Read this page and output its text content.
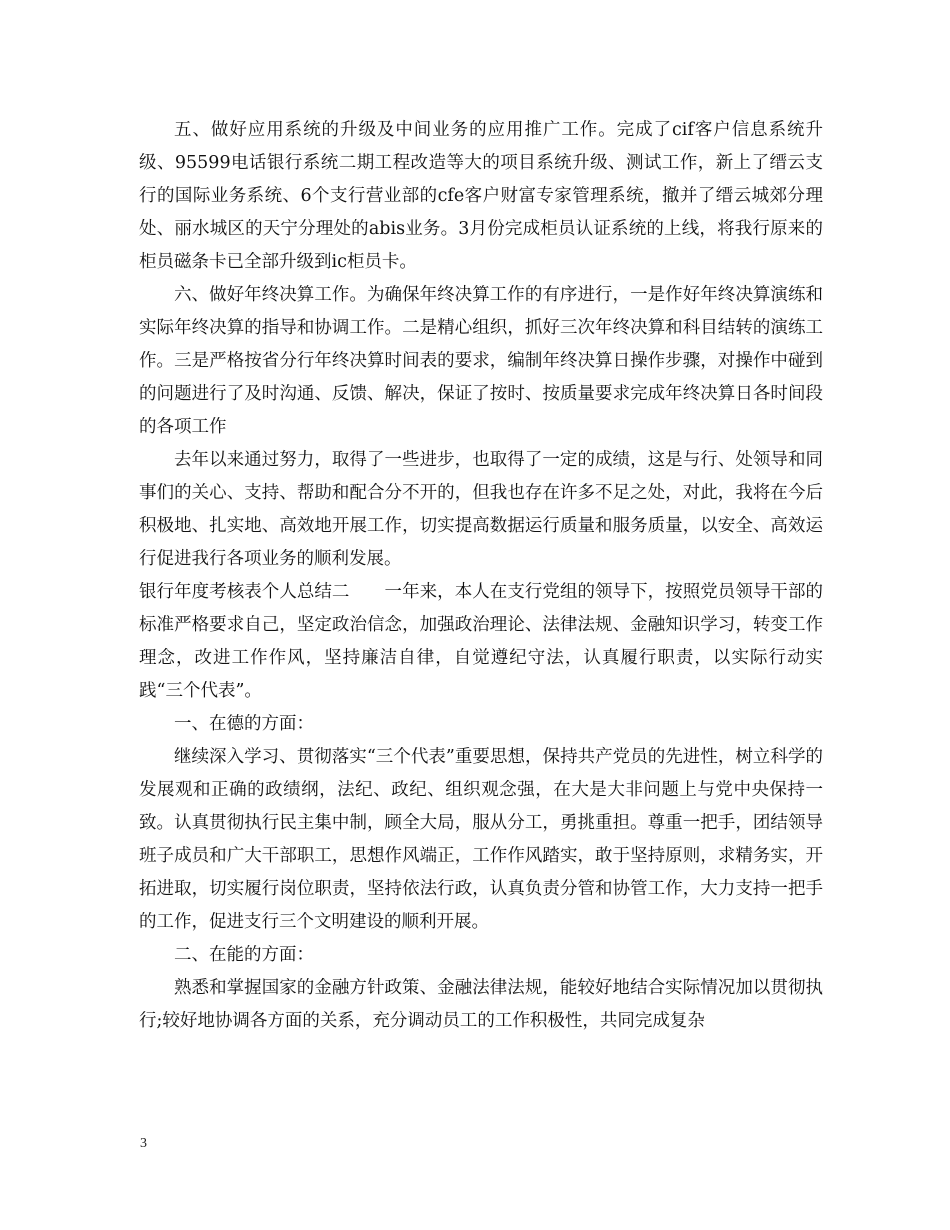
五、做好应用系统的升级及中间业务的应用推广工作。完成了cif客户信息系统升级、95599电话银行系统二期工程改造等大的项目系统升级、测试工作，新上了缙云支行的国际业务系统、6个支行营业部的cfe客户财富专家管理系统，撤并了缙云城郊分理处、丽水城区的天宁分理处的abis业务。3月份完成柜员认证系统的上线，将我行原来的柜员磁条卡已全部升级到ic柜员卡。

六、做好年终决算工作。为确保年终决算工作的有序进行，一是作好年终决算演练和实际年终决算的指导和协调工作。二是精心组织，抓好三次年终决算和科目结转的演练工作。三是严格按省分行年终决算时间表的要求，编制年终决算日操作步骤，对操作中碰到的问题进行了及时沟通、反馈、解决，保证了按时、按质量要求完成年终决算日各时间段的各项工作

去年以来通过努力，取得了一些进步，也取得了一定的成绩，这是与行、处领导和同事们的关心、支持、帮助和配合分不开的，但我也存在许多不足之处，对此，我将在今后积极地、扎实地、高效地开展工作，切实提高数据运行质量和服务质量，以安全、高效运行促进我行各项业务的顺利发展。

银行年度考核表个人总结二　　一年来，本人在支行党组的领导下，按照党员领导干部的标准严格要求自己，坚定政治信念，加强政治理论、法律法规、金融知识学习，转变工作理念，改进工作作风，坚持廉洁自律，自觉遵纪守法，认真履行职责，以实际行动实践“三个代表”。

一、在德的方面：

继续深入学习、贯彻落实“三个代表”重要思想，保持共产党员的先进性，树立科学的发展观和正确的政绩纲，法纪、政纪、组织观念强，在大是大非问题上与党中央保持一致。认真贯彻执行民主集中制，顾全大局，服从分工，勇挑重担。尊重一把手，团结领导班子成员和广大干部职工，思想作风端正，工作作风踏实，敢于坚持原则，求精务实，开拓进取，切实履行岗位职责，坚持依法行政，认真负责分管和协管工作，大力支持一把手的工作，促进支行三个文明建设的顺利开展。

二、在能的方面：

熟悉和掌握国家的金融方针政策、金融法律法规，能较好地结合实际情况加以贯彻执行;较好地协调各方面的关系，充分调动员工的工作积极性，共同完成复杂

3
